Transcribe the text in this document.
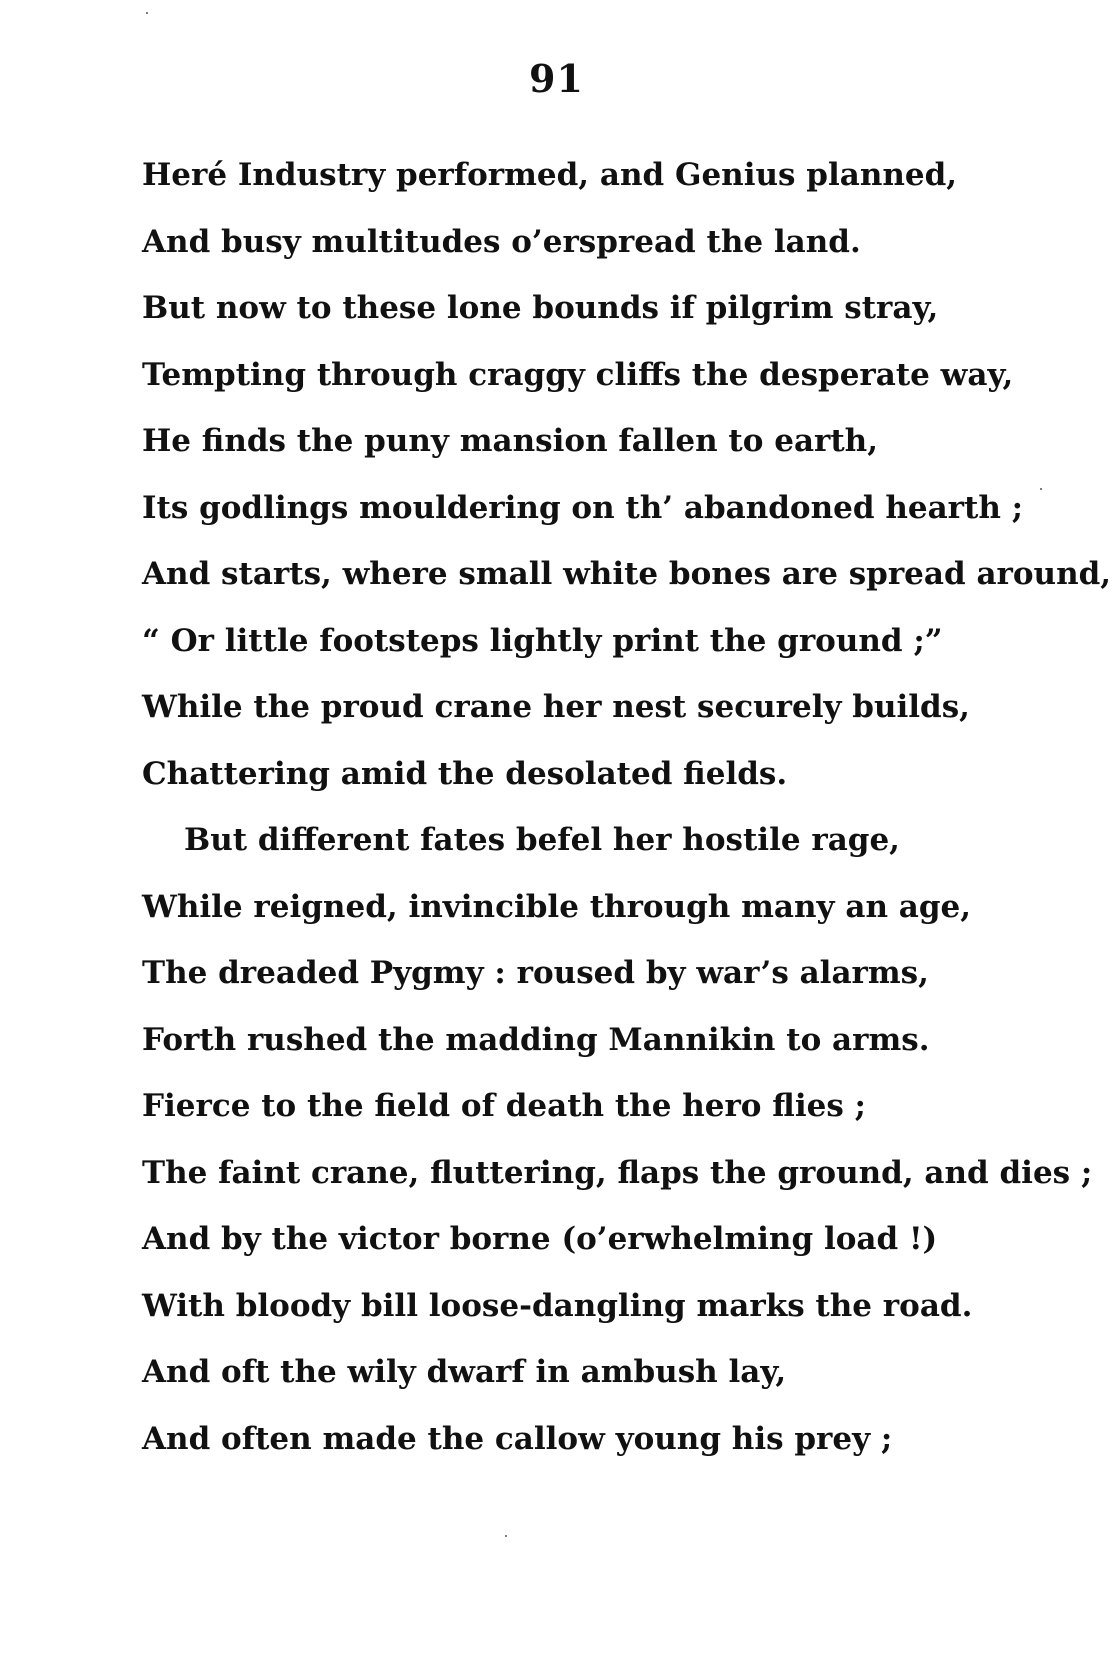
91
Heré Industry performed, and Genius planned,
And busy multitudes o’erspread the land.
But now to these lone bounds if pilgrim stray,
Tempting through craggy cliffs the desperate way,
He finds the puny mansion fallen to earth,
Its godlings mouldering on th’ abandoned hearth ;
And starts, where small white bones are spread around,
“ Or little footsteps lightly print the ground ;”
While the proud crane her nest securely builds,
Chattering amid the desolated fields.
But different fates befel her hostile rage,
While reigned, invincible through many an age,
The dreaded Pygmy : roused by war’s alarms,
Forth rushed the madding Mannikin to arms.
Fierce to the field of death the hero flies ;
The faint crane, fluttering, flaps the ground, and dies ;
And by the victor borne (o’erwhelming load !)
With bloody bill loose-dangling marks the road.
And oft the wily dwarf in ambush lay,
And often made the callow young his prey ;
